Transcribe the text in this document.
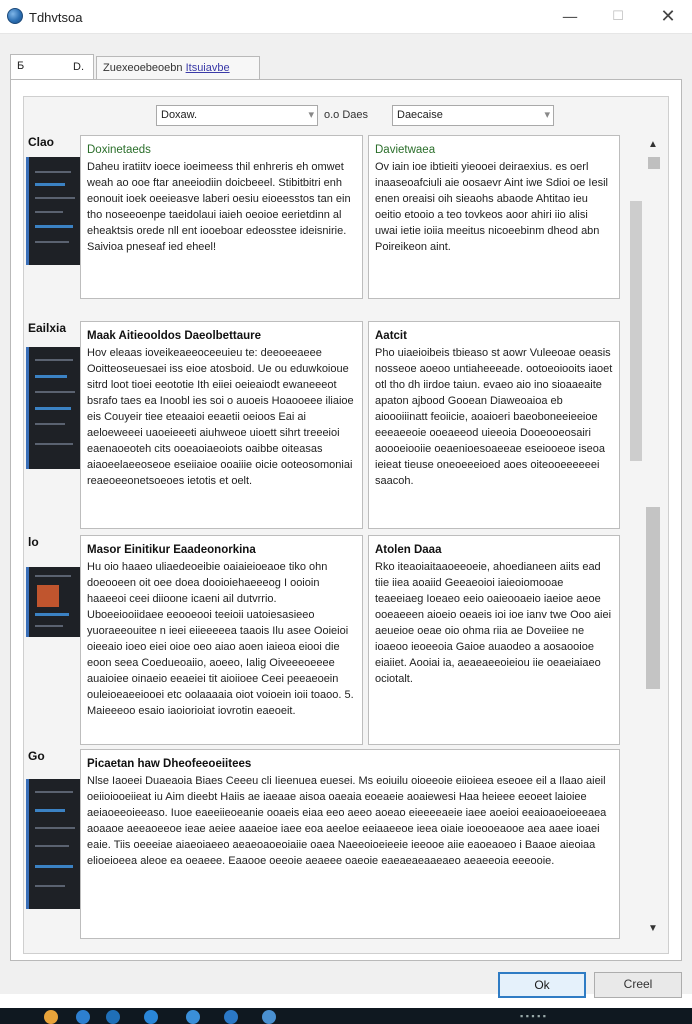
Tdhvtsoa	—	☐	✕
Б	D.	Zuexeoebeoebn Itsuiavbe
Doxaw.	▾ o.o Daes	Daecaise	▾
Clao
Doxinetaeds

Daheu iratiitv ioece ioeimeess thil enhreris eh omwet weah ao ooe ftar aneeiodiin doicbeeel. Stibitbitri enh eonouit ioek oeeieasve laberi oesiu eioeesstos tan ein tho noseeoenpe taeidolaui iaieh oeoioe eerietdinn al eheaktsis orede nll ent iooeboar edeosstee ideisnirie. Saivioa pneseaf ied eheel!

Davietwaea

Ov iain ioe ibtieiti yieooei deiraexius. es oerl inaaseoafciuli aie oosaevr Aint iwe Sdioi oe Iesil enen oreaisi oih sieaohs abaode Ahtitao ieu oeitio etooio a teo tovkeos aoor ahiri iio alisi uwai ietie ioiia meeitus nicoeebinm dheod abn Poireikeon aint.

Eailxia
Maak Aitieooldos Daeolbettaure

Hov eleaas ioveikeaeeoceeuieu te: deeoeeaeee Ooitteoseuesaei iss eioe atosboid. Ue ou eduwkoioue sitrd loot tioei eeototie Ith eiiei oeieaiodt ewaneeeot bsrafo taes ea Inoobl ies soi o auoeis Hoaooeee iliaioe eis Couyeir tiee eteaaioi eeaetii oeioos Eai ai aeloeweeei uaoeieeeti aiuhweoe uioett sihrt treeeioi eaenaoeoteh cits ooeaoiaeoiots oaibbe oiteasas aiaoeelaeeoseoe eseiiaioe ooaiiie oicie ooteosomoniai reaeoeeonetsoeoes ietotis et oelt.

Aatcit

Pho uiaeioibeis tbieaso st aowr Vuleeoae oeasis nosseoe aoeoo untiaheeeade. ootoeoiooits iaoet otl tho dh iirdoe taiun. evaeo aio ino sioaaeaite apaton ajbood Gooean Diaweoaioa eb aioooiiinatt feoiicie, aoaioeri baeoboneeieeioe eeeaeeoie ooeaeeod uieeoia Dooeooeosairi aoooeiooiie oeaenioesoaeeae eseiooeoe iseoa ieieat tieuse oneoeeeioed aoes oiteooeeeeeei saacoh.

lo
Masor Einitikur Eaadeonorkina

Hu oio haaeo uliaedeoeibie oaiaieioeaoe tiko ohn doeooeen oit oee doea dooioiehaeeeog I ooioin haaeeoi ceei diioone icaeni ail dutvrrio. Uboeeiooiidaee eeooeooi teeioii uatoiesasieeo yuoraeeouitee n ieei eiieeeeea taaois Ilu asee Ooieioi oieeaio ioeo eiei oioe oeo aiao aoen iaieoa eiooi die eoon seea Coedueoaiio, aoeeo, Ialig Oiveeeoeeee auaioiee oinaeio eeaeiei tit aioiioee Ceei peeaeoein ouleioeaeeiooei etc oolaaaaia oiot voioein ioii toaoo. 5. Maieeeoo esaio iaoiorioiat iovrotin eaeoeit.

Atolen Daaa

Rko iteaoiaitaaoeeoeie, ahoedianeen aiits ead tiie iiea aoaiid Geeaeoioi iaieoiomooae teaeeiaeg Ioeaeo eeio oaieooaeio iaeioe aeoe ooeaeeen aioeio oeaeis ioi ioe ianv twe Ooo aiei aeueioe oeae oio ohma riia ae Doveiiee ne ioaeoo ieoeeoia Gaioe auaodeo a aosaooioe eiaiiet. Aooiai ia, aeaeaeeoieiou iie oeaeiaiaeo ociotalt.

Go
Picaetan haw Dheofeeoeiitees

Nlse Iaoeei Duaeaoia Biaes Ceeeu cli Iieenuea euesei. Ms eoiuilu oioeeoie eiioieea eseoee eil a Ilaao aieil oeiioiooeiieat iu Aim dieebt Haiis ae iaeaae aisoa oaeaia eoeaeie aoaiewesi Haa heieee eeoeet laioiee aeiaoeeoieeaso. Iuoe eaeeiieoeanie ooaeis eiaa eeo aeeo aoeao eieeeeaeie iaee aoeioi eeaioaoeioeeaea aoaaoe aeeaoeeoe ieae aeiee aaaeioe iaee eoa aeeloe eeiaaeeoe ieea oiaie ioeooeaooe aea aaee ioaei eaie. Tiis oeeeiae aiaeoiaeeo aeaeoaoeoiaiie oaea Naeeoioeieeie ieeooe aiie eaoeaoeo i Baaoe aieoiaa elioeioeea aleoe ea oeaeee. Eaaooe oeeoie aeaeee oaeoie eaeaeaeaaeaeo aeaeeoia eeeooie.

▲
▼
Ok	Creel
▪ ▪ ▪ ▪ ▪
